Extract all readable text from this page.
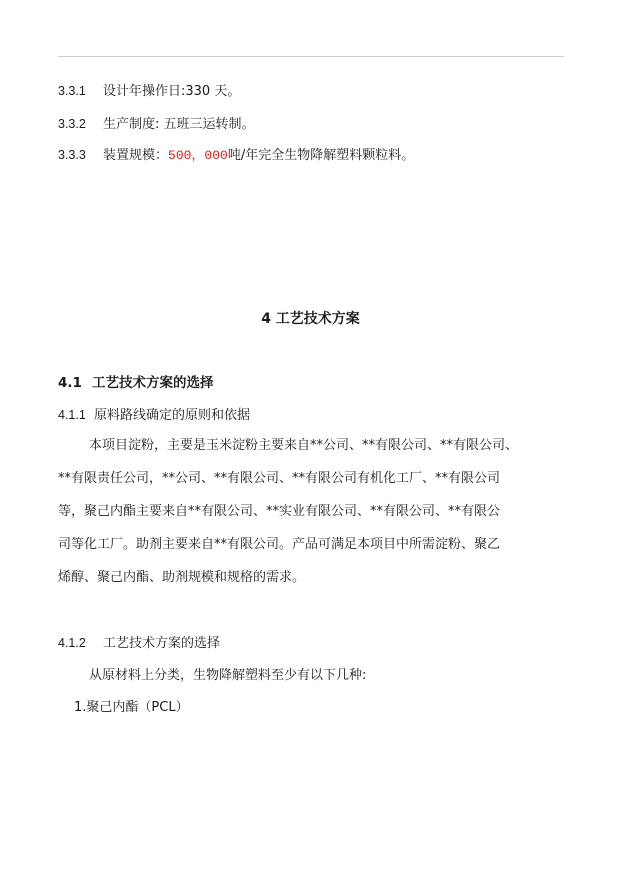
3.3.1 设计年操作日:330 天。
3.3.2 生产制度: 五班三运转制。
3.3.3 装置规模：500，000吨/年完全生物降解塑料颗粒料。
4 工艺技术方案
4.1 工艺技术方案的选择
4.1.1 原料路线确定的原则和依据
本项目淀粉，主要是玉米淀粉主要来自**公司、**有限公司、**有限公司、
**有限责任公司，**公司、**有限公司、**有限公司有机化工厂、**有限公司
等，聚己内酯主要来自**有限公司、**实业有限公司、**有限公司、**有限公
司等化工厂。助剂主要来自**有限公司。产品可满足本项目中所需淀粉、聚乙
烯醇、聚己内酯、助剂规模和规格的需求。
4.1.2 工艺技术方案的选择
从原材料上分类，生物降解塑料至少有以下几种:
1.聚己内酯（PCL）
